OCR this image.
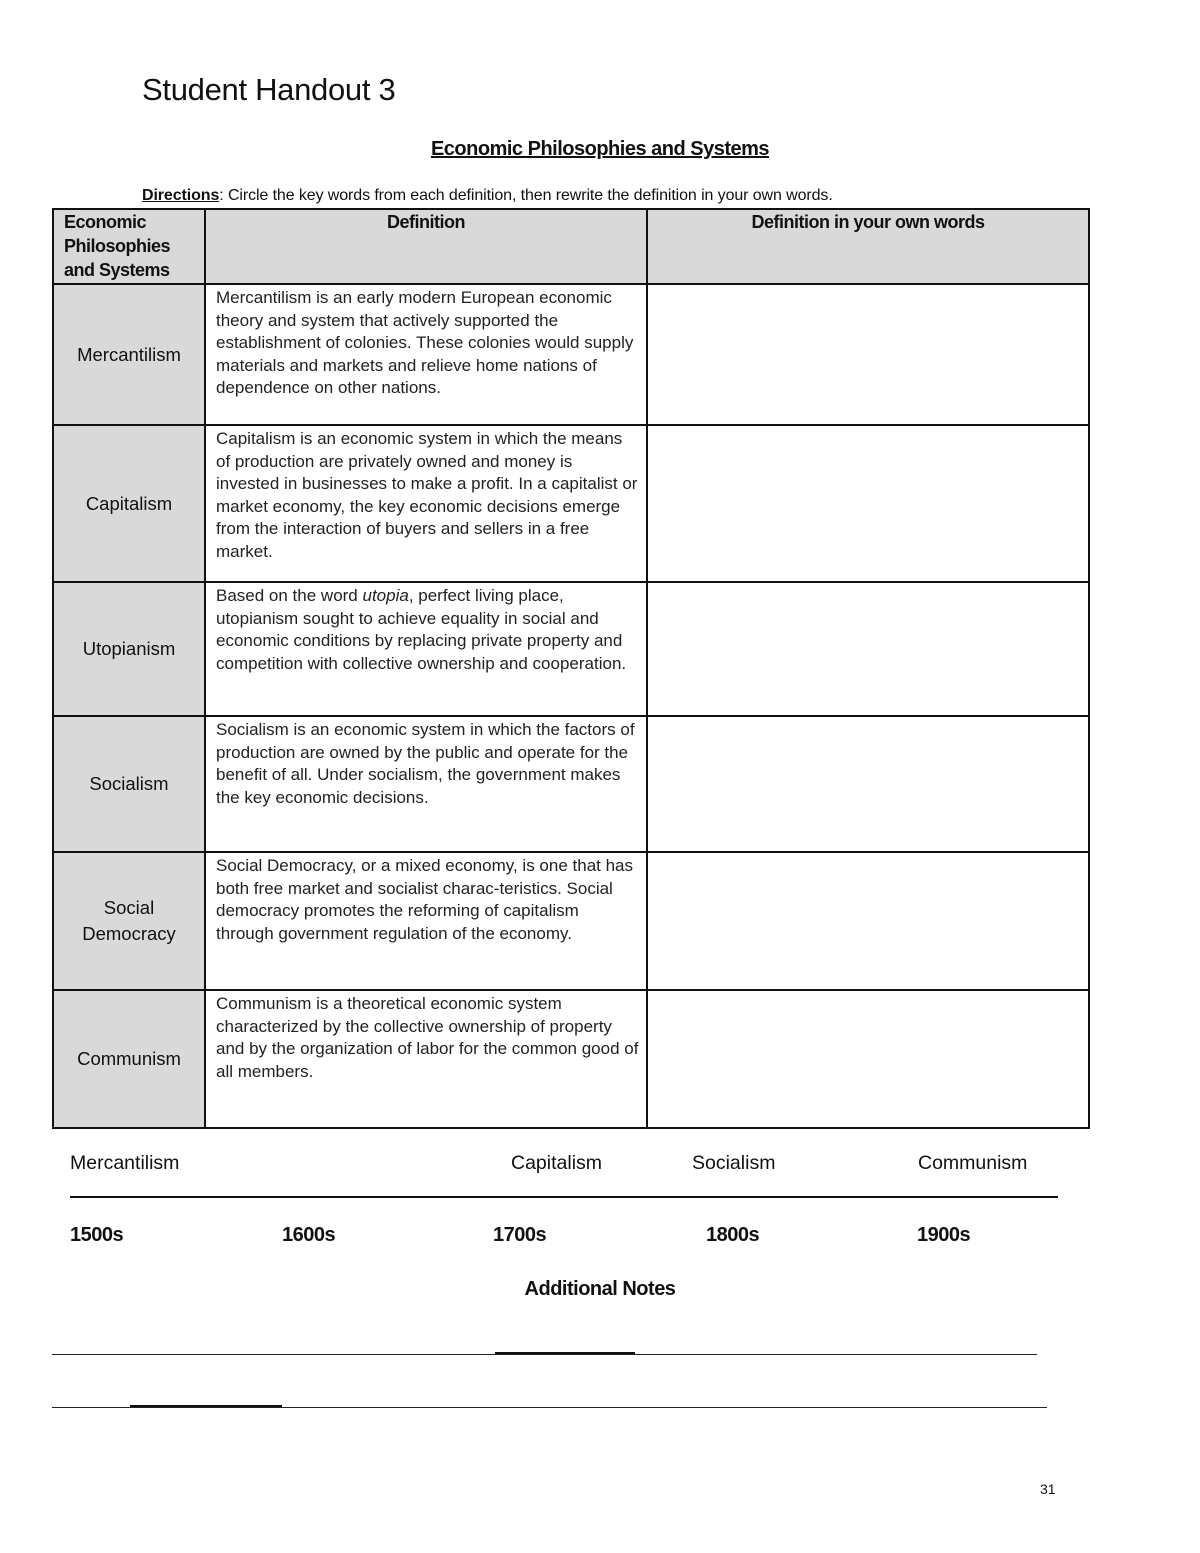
Student Handout 3
Economic Philosophies and Systems
Directions: Circle the key words from each definition, then rewrite the definition in your own words.
Economic Philosophies and Systems	Definition	Definition in your own words
Mercantilism	Mercantilism is an early modern European economic theory and system that actively supported the establishment of colonies. These colonies would supply materials and markets and relieve home nations of dependence on other nations.	
Capitalism	Capitalism is an economic system in which the means of production are privately owned and money is invested in businesses to make a profit. In a capitalist or market economy, the key economic decisions emerge from the interaction of buyers and sellers in a free market.	
Utopianism	Based on the word utopia, perfect living place, utopianism sought to achieve equality in social and economic conditions by replacing private property and competition with collective ownership and cooperation.	
Socialism	Socialism is an economic system in which the factors of production are owned by the public and operate for the benefit of all. Under socialism, the government makes the key economic decisions.	
Social Democracy	Social Democracy, or a mixed economy, is one that has both free market and socialist charac-teristics. Social democracy promotes the reforming of capitalism through government regulation of the economy.	
Communism	Communism is a theoretical economic system characterized by the collective ownership of property and by the organization of labor for the common good of all members.	
Mercantilism	Capitalism	Socialism	Communism
1500s	1600s	1700s	1800s	1900s
Additional Notes
31
